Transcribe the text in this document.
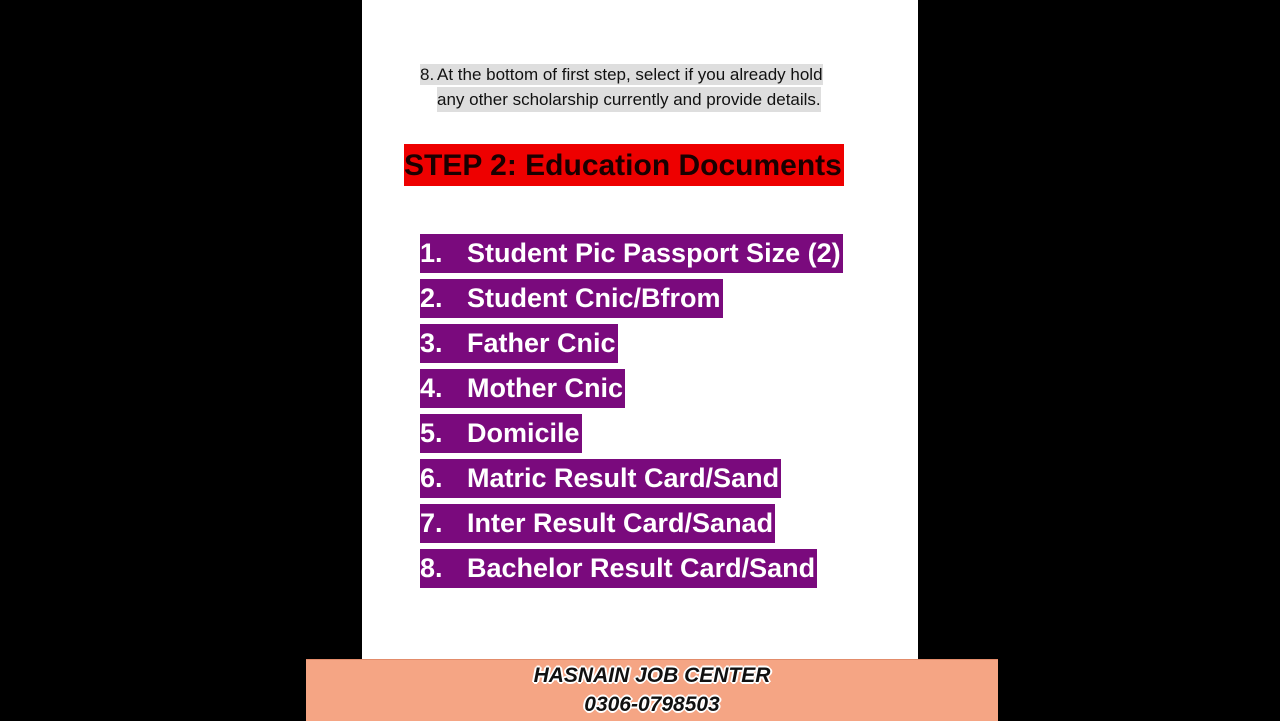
8. At the bottom of first step, select if you already hold
any other scholarship currently and provide details.
STEP 2: Education Documents
1. Student Pic Passport Size (2)
2. Student Cnic/Bfrom
3. Father Cnic
4. Mother Cnic
5. Domicile
6. Matric Result Card/Sand
7. Inter Result Card/Sanad
8. Bachelor Result Card/Sand
HASNAIN JOB CENTER
0306-0798503
